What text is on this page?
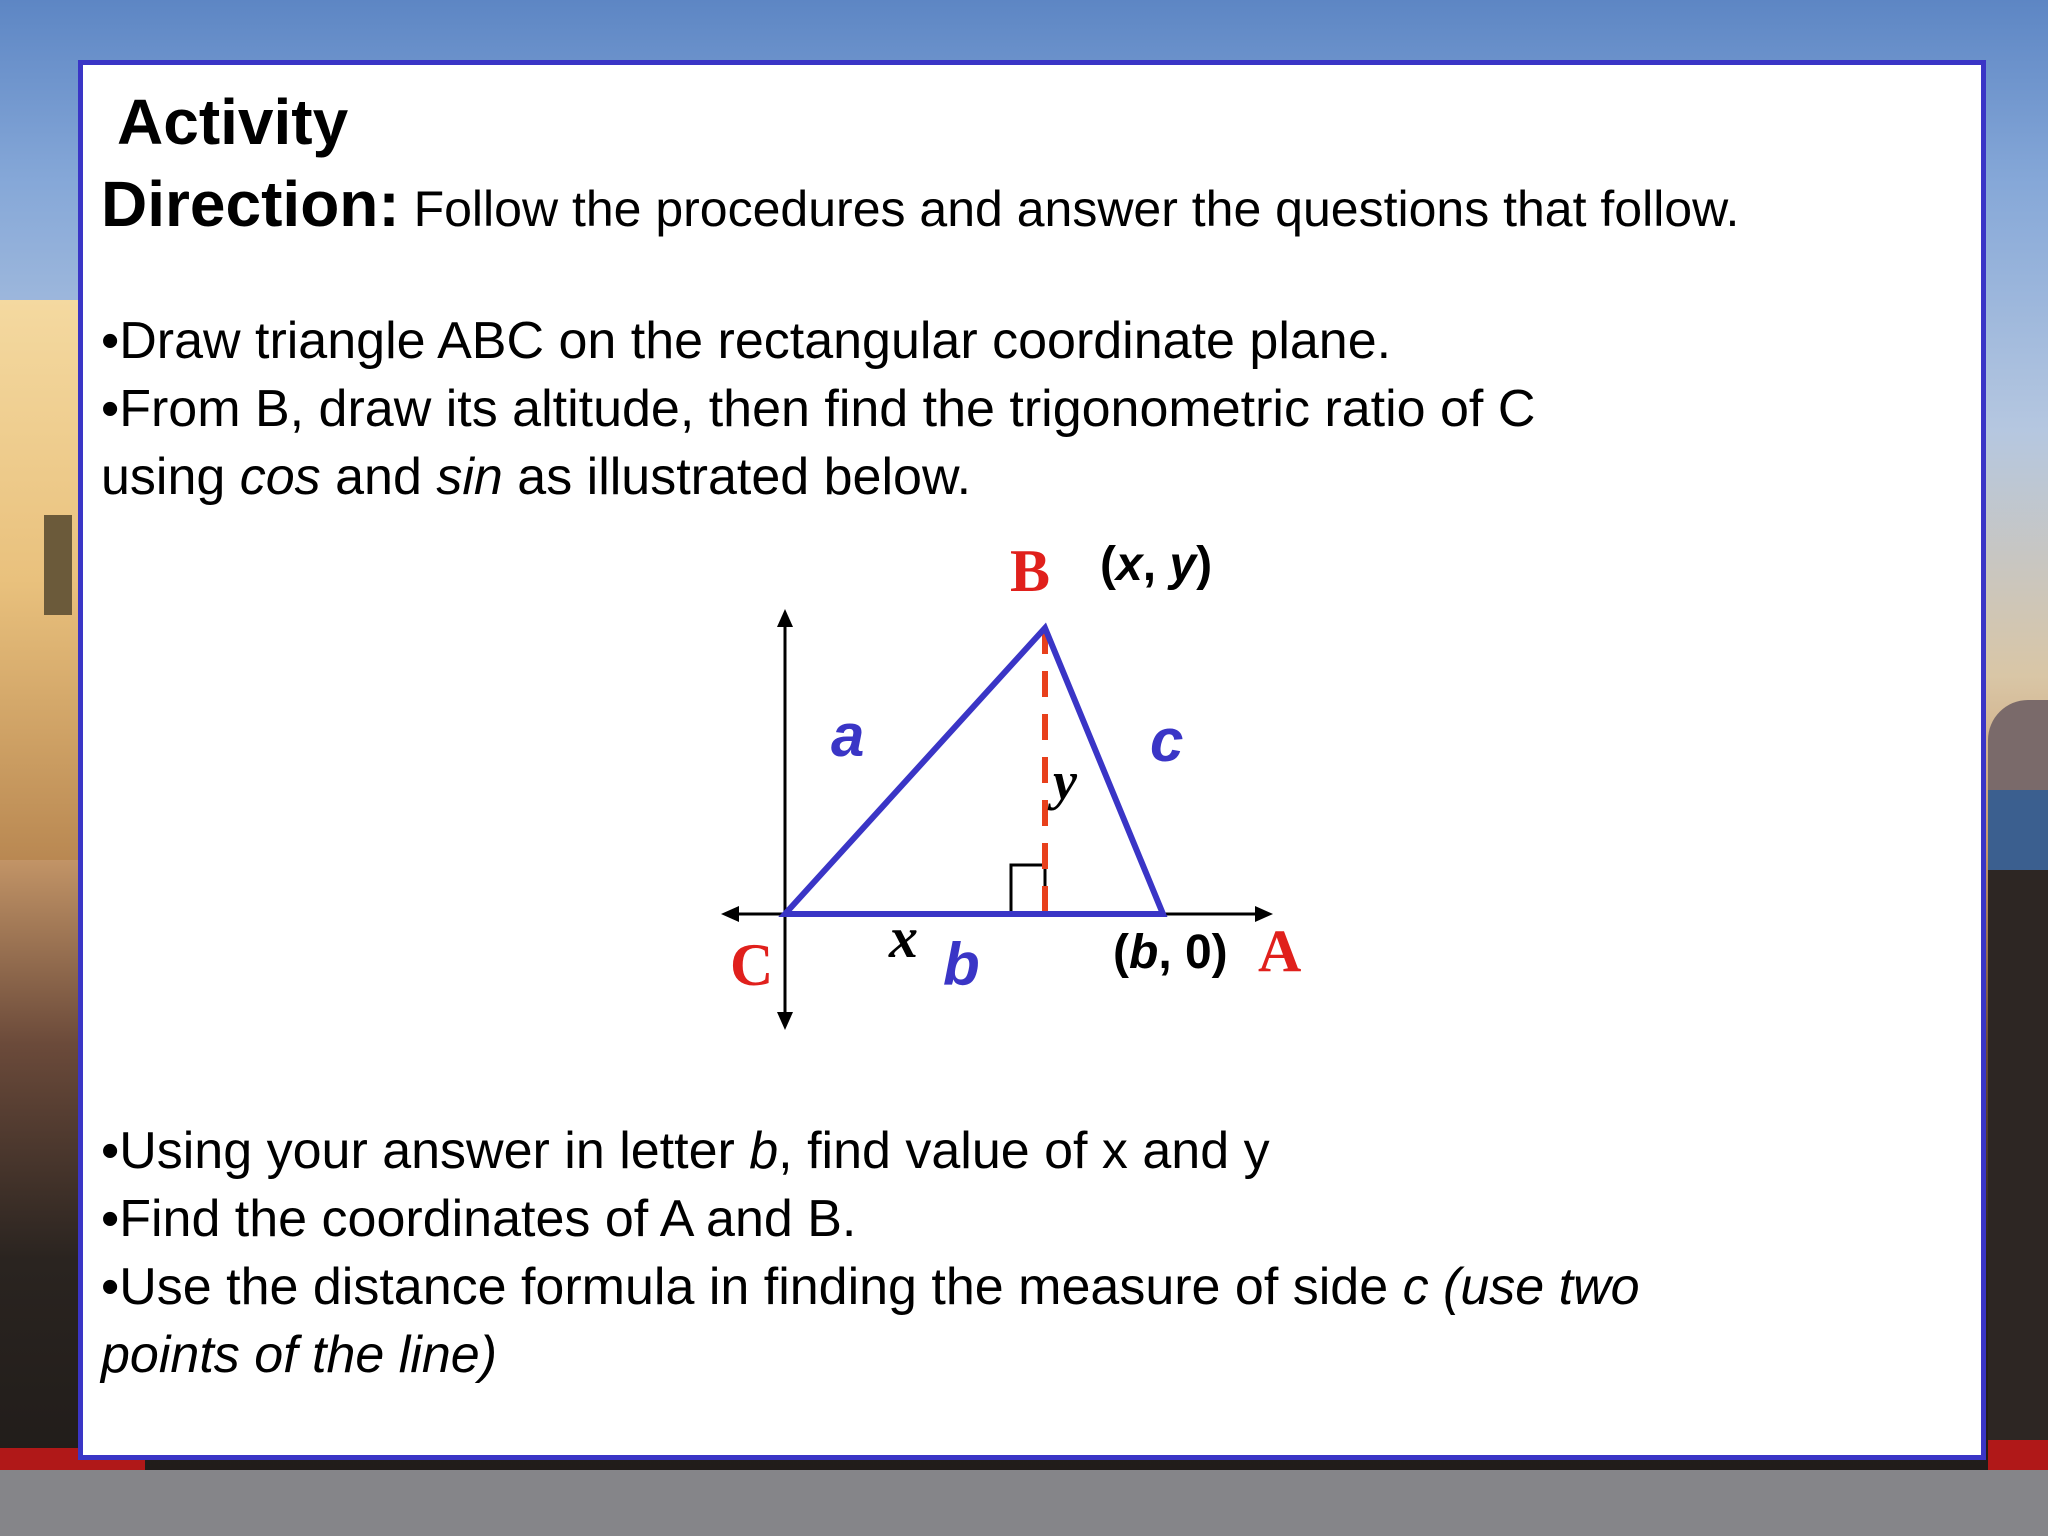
Activity
Direction: Follow the procedures and answer the questions that follow.
•Draw triangle ABC on the rectangular coordinate plane.
•From B, draw its altitude, then find the trigonometric ratio of C
using cos and sin as illustrated below.
B (x, y)
a	c
y
x b
C	(b, 0) A
•Using your answer in letter b, find value of x and y
•Find the coordinates of A and B.
•Use the distance formula in finding the measure of side c (use two
points of the line)
